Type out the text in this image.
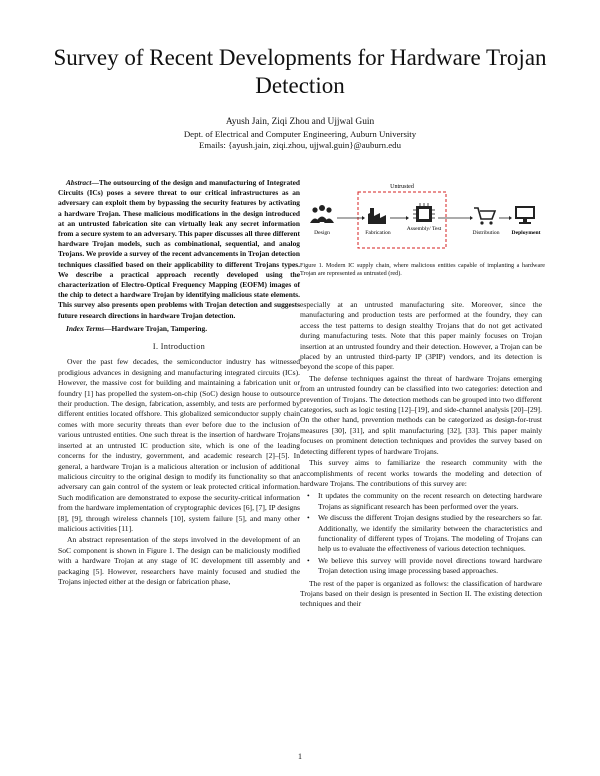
Survey of Recent Developments for Hardware Trojan Detection
Ayush Jain, Ziqi Zhou and Ujjwal Guin
Dept. of Electrical and Computer Engineering, Auburn University
Emails: {ayush.jain, ziqi.zhou, ujjwal.guin}@auburn.edu

Abstract—The outsourcing of the design and manufacturing of Integrated Circuits (ICs) poses a severe threat to our critical infrastructures as an adversary can exploit them by bypassing the security features by activating a hardware Trojan. These malicious modifications in the design introduced at an untrusted fabrication site can virtually leak any secret information from a secure system to an adversary. This paper discusses all three different hardware Trojan models, such as combinational, sequential, and analog Trojans. We provide a survey of the recent advancements in Trojan detection techniques classified based on their applicability to different Trojans types. We describe a practical approach recently developed using the characterization of Electro-Optical Frequency Mapping (EOFM) images of the chip to detect a hardware Trojan by identifying malicious state elements. This survey also presents open problems with Trojan detection and suggests future research directions in hardware Trojan detection.

Index Terms—Hardware Trojan, Tampering.

I. Introduction

Over the past few decades, the semiconductor industry has witnessed prodigious advances in designing and manufacturing integrated circuits (ICs). However, the massive cost for building and maintaining a fabrication unit or foundry [1] has propelled the system-on-chip (SoC) design house to outsource their production. The design, fabrication, assembly, and tests are performed by different entities located offshore. This globalized semiconductor supply chain comes with more security threats than ever before due to the inclusion of various untrusted entities. One such threat is the insertion of hardware Trojans inserted at an untrusted IC production site, which is one of the leading concerns for the industry, government, and academic research [2]–[5]. In general, a hardware Trojan is a malicious alteration or inclusion of additional malicious circuitry to the original design to modify its functionality so that an adversary can gain control of the system or leak protected critical information. Such modification are demonstrated to expose the security-critical information from the hardware implementation of cryptographic devices [6], [7], IP designs [8], [9], through wireless channels [10], system failure [5], and many other malicious activities [11].

An abstract representation of the steps involved in the development of an SoC component is shown in Figure 1. The design can be maliciously modified with a hardware Trojan at any stage of IC development till assembly and packaging [5]. However, researchers have mainly focused and studied the Trojans injected either at the design or fabrication phase,

Untrusted
Design	Fabrication
Assembly/ Test
Distribution Deployment
Figure 1. Modern IC supply chain, where malicious entities capable of implanting a hardware Trojan are represented as untrusted (red).

especially at an untrusted manufacturing site. Moreover, since the manufacturing and production tests are performed at the foundry, they can access the test patterns to design stealthy Trojans that do not get activated during manufacturing tests. Note that this paper mainly focuses on Trojan insertion at an untrusted foundry and their detection. However, a Trojan can be placed by an untrusted third-party IP (3PIP) vendors, and its detection is beyond the scope of this paper.

The defense techniques against the threat of hardware Trojans emerging from an untrusted foundry can be classified into two categories: detection and prevention of Trojans. The detection methods can be grouped into two different categories, such as logic testing [12]–[19], and side-channel analysis [20]–[29]. On the other hand, prevention methods can be categorized as design-for-trust measures [30], [31], and split manufacturing [32], [33]. This paper mainly focuses on prominent detection techniques and provides the survey based on detecting different types of hardware Trojans.

This survey aims to familiarize the research community with the accomplishments of recent works towards the modeling and detection of hardware Trojans. The contributions of this survey are:

• It updates the community on the recent research on detecting hardware Trojans as significant research has been performed over the years.
• We discuss the different Trojan designs studied by the researchers so far. Additionally, we identify the similarity between the characteristics and functionality of different types of Trojans. The modeling of Trojans can help us to evaluate the effectiveness of various detection techniques.
• We believe this survey will provide novel directions toward hardware Trojan detection using image processing based approaches.

The rest of the paper is organized as follows: the classification of hardware Trojans based on their design is presented in Section II. The existing detection techniques and their

1
